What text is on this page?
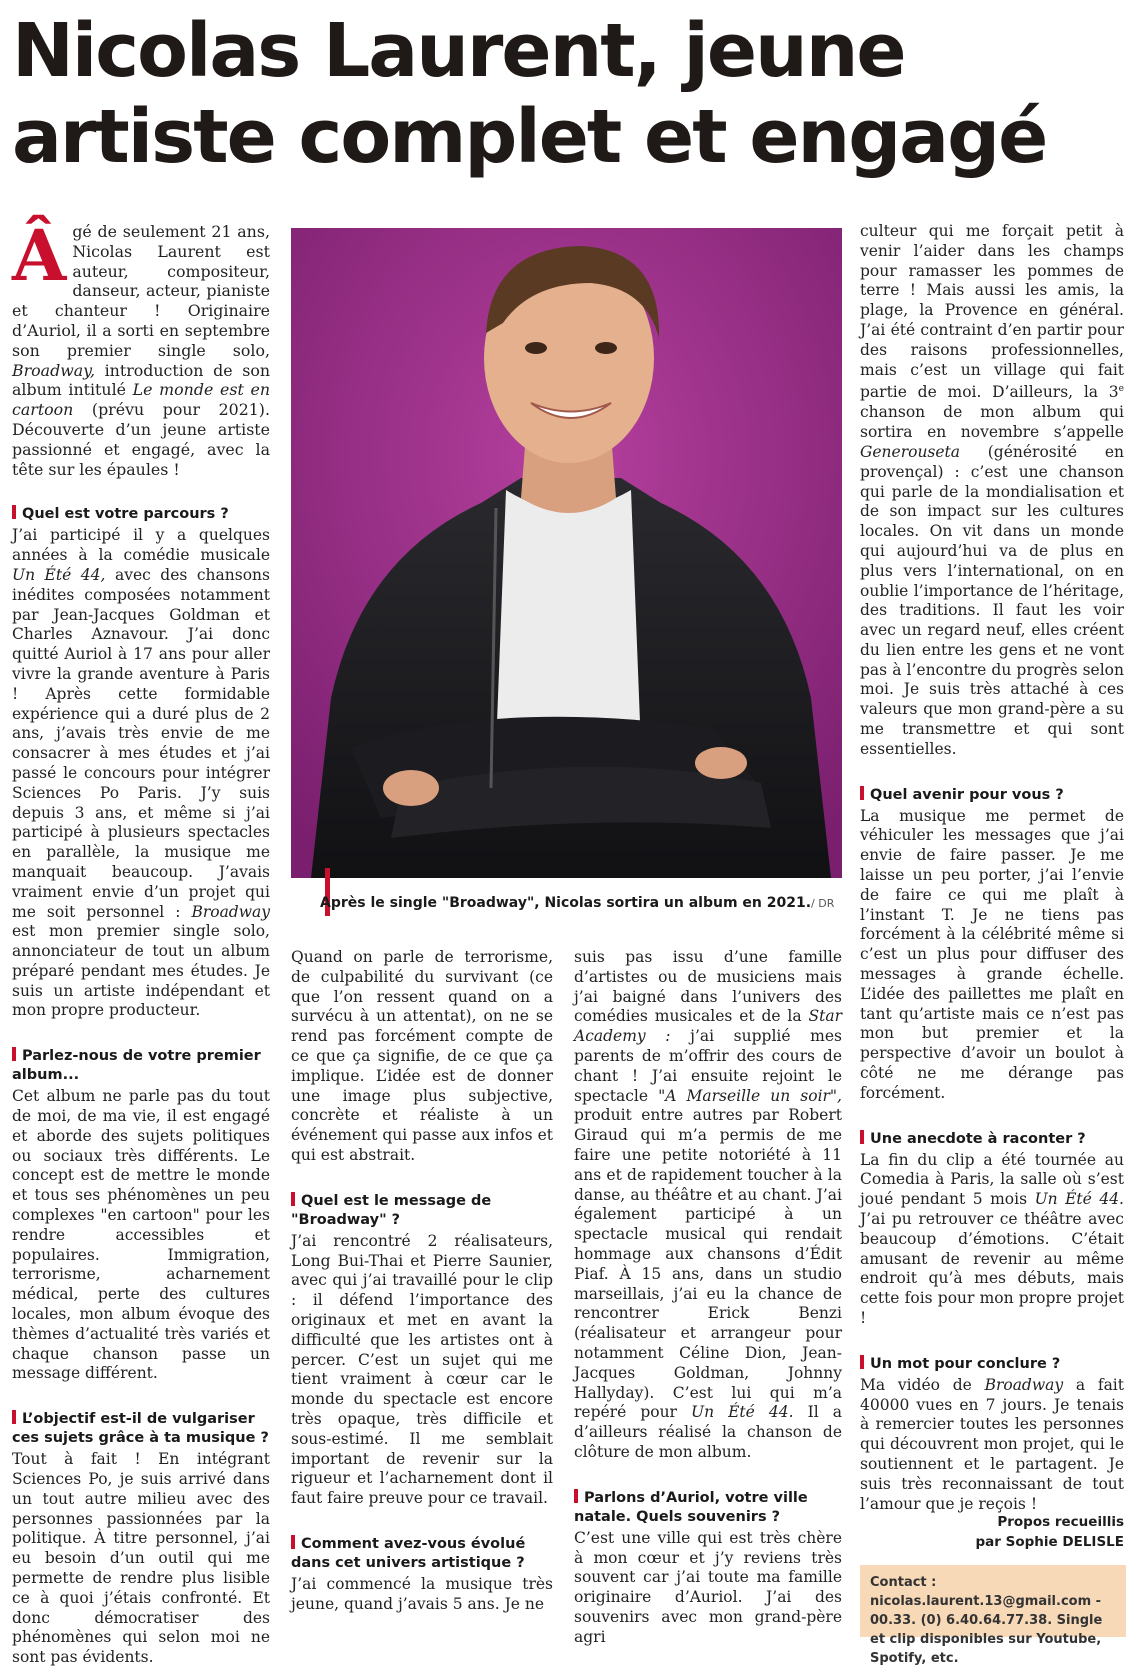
Nicolas Laurent, jeune artiste complet et engagé

Âgé de seulement 21 ans, Nicolas Laurent est auteur, compositeur, danseur, acteur, pianiste et chanteur ! Originaire d’Auriol, il a sorti en septembre son premier single solo, Broadway, introduction de son album intitulé Le monde est en cartoon (prévu pour 2021). Découverte d’un jeune artiste passionné et engagé, avec la tête sur les épaules !

Quel est votre parcours ?

J’ai participé il y a quelques années à la comédie musicale Un Été 44, avec des chansons inédites composées notamment par Jean-Jacques Goldman et Charles Aznavour. J’ai donc quitté Auriol à 17 ans pour aller vivre la grande aventure à Paris ! Après cette formidable expérience qui a duré plus de 2 ans, j’avais très envie de me consacrer à mes études et j’ai passé le concours pour intégrer Sciences Po Paris. J’y suis depuis 3 ans, et même si j’ai participé à plusieurs spectacles en parallèle, la musique me manquait beaucoup. J’avais vraiment envie d’un projet qui me soit personnel : Broadway est mon premier single solo, annonciateur de tout un album préparé pendant mes études. Je suis un artiste indépendant et mon propre producteur.

Parlez-nous de votre premier album...

Cet album ne parle pas du tout de moi, de ma vie, il est engagé et aborde des sujets politiques ou sociaux très différents. Le concept est de mettre le monde et tous ses phénomènes un peu complexes "en cartoon" pour les rendre accessibles et populaires. Immigration, terrorisme, acharnement médical, perte des cultures locales, mon album évoque des thèmes d’actualité très variés et chaque chanson passe un message différent.

L’objectif est-il de vulgariser ces sujets grâce à ta musique ?

Tout à fait ! En intégrant Sciences Po, je suis arrivé dans un tout autre milieu avec des personnes passionnées par la politique. À titre personnel, j’ai eu besoin d’un outil qui me permette de rendre plus lisible ce à quoi j’étais confronté. Et donc démocratiser des phénomènes qui selon moi ne sont pas évidents.

Après le single "Broadway", Nicolas sortira un album en 2021./ DR

Quand on parle de terrorisme, de culpabilité du survivant (ce que l’on ressent quand on a survécu à un attentat), on ne se rend pas forcément compte de ce que ça signifie, de ce que ça implique. L’idée est de donner une image plus subjective, concrète et réaliste à un événement qui passe aux infos et qui est abstrait.

Quel est le message de "Broadway" ?

J’ai rencontré 2 réalisateurs, Long Bui-Thai et Pierre Saunier, avec qui j’ai travaillé pour le clip : il défend l’importance des originaux et met en avant la difficulté que les artistes ont à percer. C’est un sujet qui me tient vraiment à cœur car le monde du spectacle est encore très opaque, très difficile et sous-estimé. Il me semblait important de revenir sur la rigueur et l’acharnement dont il faut faire preuve pour ce travail.

Comment avez-vous évolué dans cet univers artistique ?

J’ai commencé la musique très jeune, quand j’avais 5 ans. Je ne

suis pas issu d’une famille d’artistes ou de musiciens mais j’ai baigné dans l’univers des comédies musicales et de la Star Academy : j’ai supplié mes parents de m’offrir des cours de chant ! J’ai ensuite rejoint le spectacle "A Marseille un soir", produit entre autres par Robert Giraud qui m’a permis de me faire une petite notoriété à 11 ans et de rapidement toucher à la danse, au théâtre et au chant. J’ai également participé à un spectacle musical qui rendait hommage aux chansons d’Édit Piaf. À 15 ans, dans un studio marseillais, j’ai eu la chance de rencontrer Erick Benzi (réalisateur et arrangeur pour notamment Céline Dion, Jean-Jacques Goldman, Johnny Hallyday). C’est lui qui m’a repéré pour Un Été 44. Il a d’ailleurs réalisé la chanson de clôture de mon album.

Parlons d’Auriol, votre ville natale. Quels souvenirs ?

C’est une ville qui est très chère à mon cœur et j’y reviens très souvent car j’ai toute ma famille originaire d’Auriol. J’ai des souvenirs avec mon grand-père agri

culteur qui me forçait petit à venir l’aider dans les champs pour ramasser les pommes de terre ! Mais aussi les amis, la plage, la Provence en général. J’ai été contraint d’en partir pour des raisons professionnelles, mais c’est un village qui fait partie de moi. D’ailleurs, la 3e chanson de mon album qui sortira en novembre s’appelle Generouseta (générosité en provençal) : c’est une chanson qui parle de la mondialisation et de son impact sur les cultures locales. On vit dans un monde qui aujourd’hui va de plus en plus vers l’international, on en oublie l’importance de l’héritage, des traditions. Il faut les voir avec un regard neuf, elles créent du lien entre les gens et ne vont pas à l’encontre du progrès selon moi. Je suis très attaché à ces valeurs que mon grand-père a su me transmettre et qui sont essentielles.

Quel avenir pour vous ?

La musique me permet de véhiculer les messages que j’ai envie de faire passer. Je me laisse un peu porter, j’ai l’envie de faire ce qui me plaît à l’instant T. Je ne tiens pas forcément à la célébrité même si c’est un plus pour diffuser des messages à grande échelle. L’idée des paillettes me plaît en tant qu’artiste mais ce n’est pas mon but premier et la perspective d’avoir un boulot à côté ne me dérange pas forcément.

Une anecdote à raconter ?

La fin du clip a été tournée au Comedia à Paris, la salle où s’est joué pendant 5 mois Un Été 44. J’ai pu retrouver ce théâtre avec beaucoup d’émotions. C’était amusant de revenir au même endroit qu’à mes débuts, mais cette fois pour mon propre projet !

Un mot pour conclure ?

Ma vidéo de Broadway a fait 40000 vues en 7 jours. Je tenais à remercier toutes les personnes qui découvrent mon projet, qui le soutiennent et le partagent. Je suis très reconnaissant de tout l’amour que je reçois !

Propos recueillis
par Sophie DELISLE
Contact : nicolas.laurent.13@gmail.com - 00.33. (0) 6.40.64.77.38. Single et clip disponibles sur Youtube, Spotify, etc.
